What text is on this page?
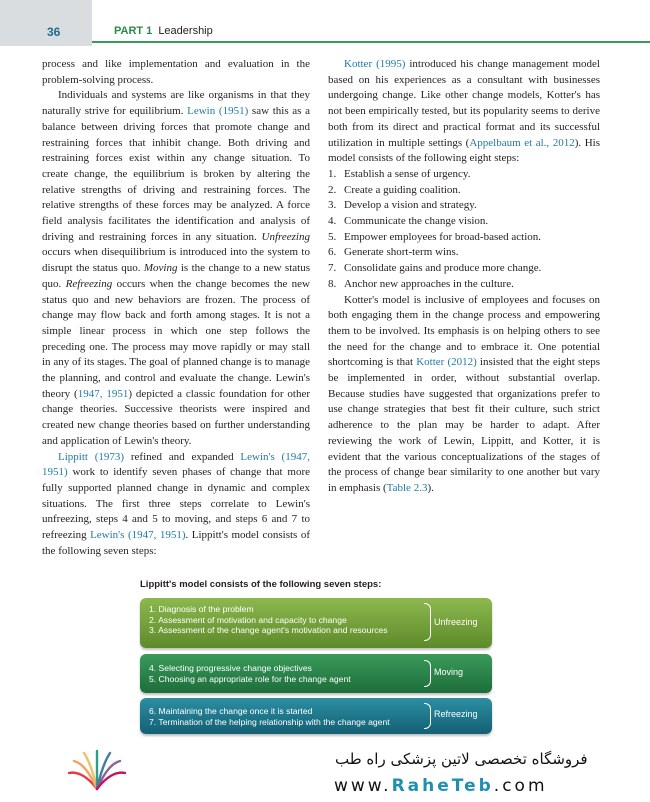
36	PART 1 Leadership

process and like implementation and evaluation in the problem-solving process.

Individuals and systems are like organisms in that they naturally strive for equilibrium. Lewin (1951) saw this as a balance between driving forces that promote change and restraining forces that inhibit change. Both driving and restraining forces exist within any change situation. To create change, the equilibrium is broken by altering the relative strengths of driving and restraining forces. The relative strengths of these forces may be analyzed. A force field analysis facilitates the identification and analysis of driving and restraining forces in any situation. Unfreezing occurs when disequilibrium is introduced into the system to disrupt the status quo. Moving is the change to a new status quo. Refreezing occurs when the change becomes the new status quo and new behaviors are frozen. The process of change may flow back and forth among stages. It is not a simple linear process in which one step follows the preceding one. The process may move rapidly or may stall in any of its stages. The goal of planned change is to manage the planning, and control and evaluate the change. Lewin's theory (1947, 1951) depicted a classic foundation for other change theories. Successive theorists were inspired and created new change theories based on further understanding and application of Lewin's theory.

Lippitt (1973) refined and expanded Lewin's (1947, 1951) work to identify seven phases of change that more fully supported planned change in dynamic and complex situations. The first three steps correlate to Lewin's unfreezing, steps 4 and 5 to moving, and steps 6 and 7 to refreezing Lewin's (1947, 1951). Lippitt's model consists of the following seven steps:

Kotter (1995) introduced his change management model based on his experiences as a consultant with businesses undergoing change. Like other change models, Kotter's has not been empirically tested, but its popularity seems to derive both from its direct and practical format and its successful utilization in multiple settings (Appelbaum et al., 2012). His model consists of the following eight steps:

1. Establish a sense of urgency.
2. Create a guiding coalition.
3. Develop a vision and strategy.
4. Communicate the change vision.
5. Empower employees for broad-based action.
6. Generate short-term wins.
7. Consolidate gains and produce more change.
8. Anchor new approaches in the culture.

Kotter's model is inclusive of employees and focuses on both engaging them in the change process and empowering them to be involved. Its emphasis is on helping others to see the need for the change and to embrace it. One potential shortcoming is that Kotter (2012) insisted that the eight steps be implemented in order, without substantial overlap. Because studies have suggested that organizations prefer to use change strategies that best fit their culture, such strict adherence to the plan may be harder to adapt. After reviewing the work of Lewin, Lippitt, and Kotter, it is evident that the various conceptualizations of the stages of the process of change bear similarity to one another but vary in emphasis (Table 2.3).

Lippitt's model consists of the following seven steps:
1. Diagnosis of the problem
2. Assessment of motivation and capacity to change
3. Assessment of the change agent's motivation and resources
Unfreezing
4. Selecting progressive change objectives
5. Choosing an appropriate role for the change agent
Moving
6. Maintaining the change once it is started
7. Termination of the helping relationship with the change agent
Refreezing
فروشگاه تخصصی لاتین پزشکی راه طب
www.RaheTeb.com
